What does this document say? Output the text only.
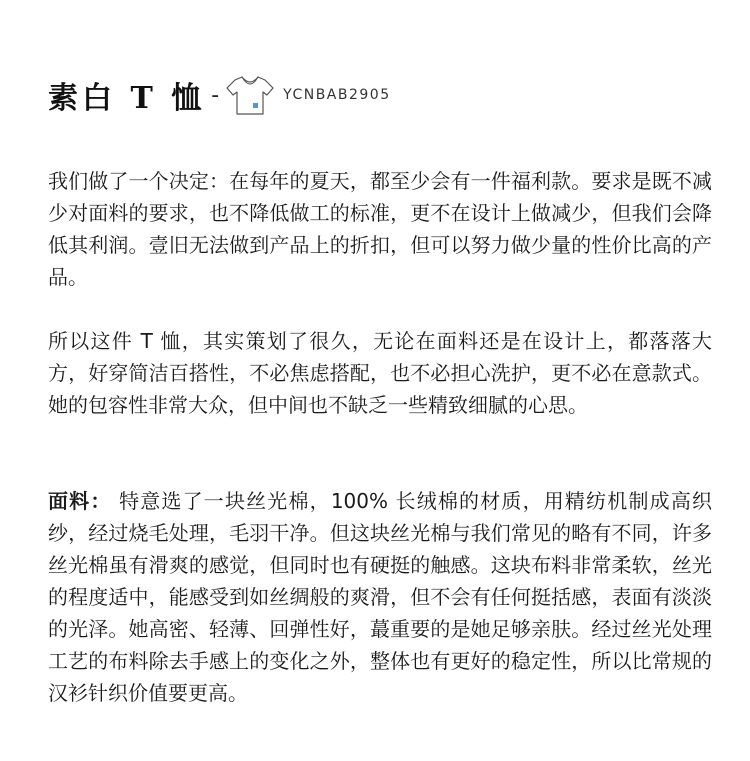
素白 T 恤 -	YCNBAB2905

我们做了一个决定：在每年的夏天，都至少会有一件福利款。要求是既不减少对面料的要求，也不降低做工的标准，更不在设计上做减少，但我们会降低其利润。壹旧无法做到产品上的折扣，但可以努力做少量的性价比高的产品。

所以这件 T 恤，其实策划了很久，无论在面料还是在设计上，都落落大方，好穿简洁百搭性，不必焦虑搭配，也不必担心洗护，更不必在意款式。她的包容性非常大众，但中间也不缺乏一些精致细腻的心思。

面料： 特意选了一块丝光棉，100% 长绒棉的材质，用精纺机制成高织纱，经过烧毛处理，毛羽干净。但这块丝光棉与我们常见的略有不同，许多丝光棉虽有滑爽的感觉，但同时也有硬挺的触感。这块布料非常柔软，丝光的程度适中，能感受到如丝绸般的爽滑，但不会有任何挺括感，表面有淡淡的光泽。她高密、轻薄、回弹性好，蕞重要的是她足够亲肤。经过丝光处理工艺的布料除去手感上的变化之外，整体也有更好的稳定性，所以比常规的汉衫针织价值要更高。
